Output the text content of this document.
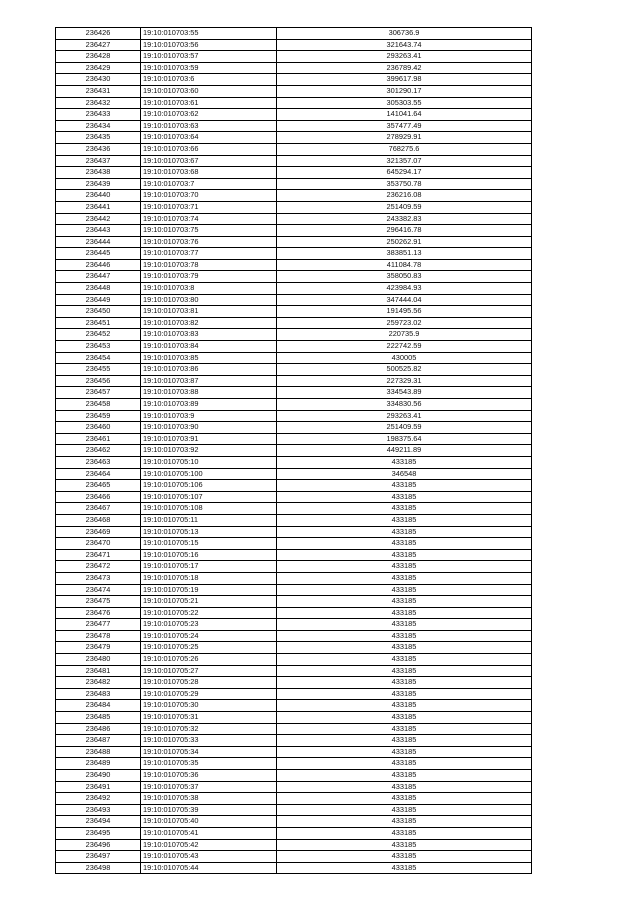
236426	19:10:010703:55	306736.9
236427	19:10:010703:56	321643.74
236428	19:10:010703:57	293263.41
236429	19:10:010703:59	236789.42
236430	19:10:010703:6	399617.98
236431	19:10:010703:60	301290.17
236432	19:10:010703:61	305303.55
236433	19:10:010703:62	141041.64
236434	19:10:010703:63	357477.49
236435	19:10:010703:64	278929.91
236436	19:10:010703:66	768275.6
236437	19:10:010703:67	321357.07
236438	19:10:010703:68	645294.17
236439	19:10:010703:7	353750.78
236440	19:10:010703:70	236216.08
236441	19:10:010703:71	251409.59
236442	19:10:010703:74	243382.83
236443	19:10:010703:75	296416.78
236444	19:10:010703:76	250262.91
236445	19:10:010703:77	383851.13
236446	19:10:010703:78	411084.78
236447	19:10:010703:79	358050.83
236448	19:10:010703:8	423984.93
236449	19:10:010703:80	347444.04
236450	19:10:010703:81	191495.56
236451	19:10:010703:82	259723.02
236452	19:10:010703:83	220735.9
236453	19:10:010703:84	222742.59
236454	19:10:010703:85	430005
236455	19:10:010703:86	500525.82
236456	19:10:010703:87	227329.31
236457	19:10:010703:88	334543.89
236458	19:10:010703:89	334830.56
236459	19:10:010703:9	293263.41
236460	19:10:010703:90	251409.59
236461	19:10:010703:91	198375.64
236462	19:10:010703:92	449211.89
236463	19:10:010705:10	433185
236464	19:10:010705:100	346548
236465	19:10:010705:106	433185
236466	19:10:010705:107	433185
236467	19:10:010705:108	433185
236468	19:10:010705:11	433185
236469	19:10:010705:13	433185
236470	19:10:010705:15	433185
236471	19:10:010705:16	433185
236472	19:10:010705:17	433185
236473	19:10:010705:18	433185
236474	19:10:010705:19	433185
236475	19:10:010705:21	433185
236476	19:10:010705:22	433185
236477	19:10:010705:23	433185
236478	19:10:010705:24	433185
236479	19:10:010705:25	433185
236480	19:10:010705:26	433185
236481	19:10:010705:27	433185
236482	19:10:010705:28	433185
236483	19:10:010705:29	433185
236484	19:10:010705:30	433185
236485	19:10:010705:31	433185
236486	19:10:010705:32	433185
236487	19:10:010705:33	433185
236488	19:10:010705:34	433185
236489	19:10:010705:35	433185
236490	19:10:010705:36	433185
236491	19:10:010705:37	433185
236492	19:10:010705:38	433185
236493	19:10:010705:39	433185
236494	19:10:010705:40	433185
236495	19:10:010705:41	433185
236496	19:10:010705:42	433185
236497	19:10:010705:43	433185
236498	19:10:010705:44	433185
